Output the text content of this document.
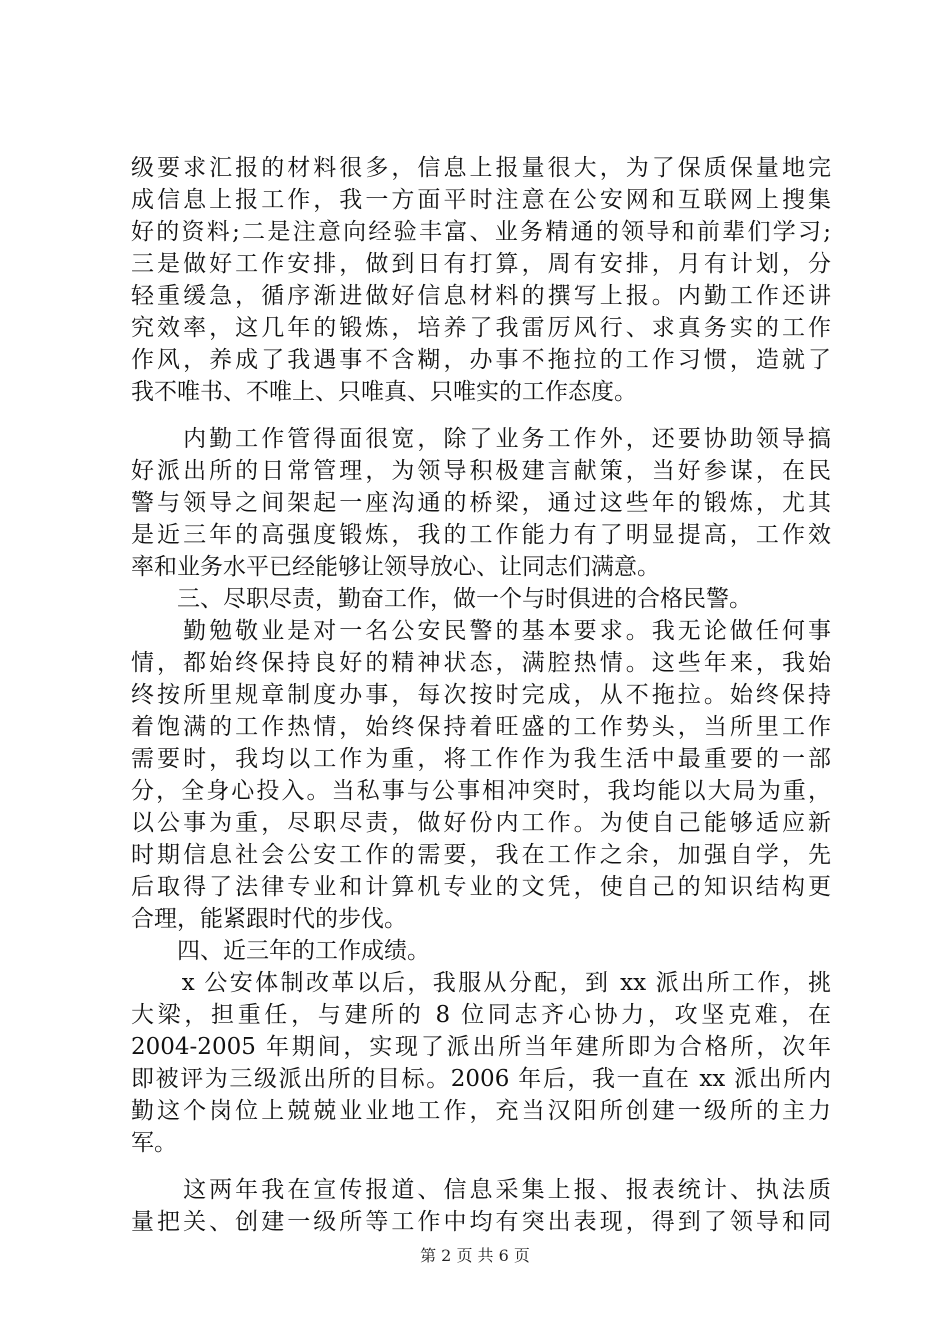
级要求汇报的材料很多，信息上报量很大，为了保质保量地完
成信息上报工作，我一方面平时注意在公安网和互联网上搜集
好的资料;二是注意向经验丰富、业务精通的领导和前辈们学习;
三是做好工作安排，做到日有打算，周有安排，月有计划，分
轻重缓急，循序渐进做好信息材料的撰写上报。内勤工作还讲
究效率，这几年的锻炼，培养了我雷厉风行、求真务实的工作
作风，养成了我遇事不含糊，办事不拖拉的工作习惯，造就了
我不唯书、不唯上、只唯真、只唯实的工作态度。
　　内勤工作管得面很宽，除了业务工作外，还要协助领导搞
好派出所的日常管理，为领导积极建言献策，当好参谋，在民
警与领导之间架起一座沟通的桥梁，通过这些年的锻炼，尤其
是近三年的高强度锻炼，我的工作能力有了明显提高，工作效
率和业务水平已经能够让领导放心、让同志们满意。
　　三、尽职尽责，勤奋工作，做一个与时俱进的合格民警。
　　勤勉敬业是对一名公安民警的基本要求。我无论做任何事
情，都始终保持良好的精神状态，满腔热情。这些年来，我始
终按所里规章制度办事，每次按时完成，从不拖拉。始终保持
着饱满的工作热情，始终保持着旺盛的工作势头，当所里工作
需要时，我均以工作为重，将工作作为我生活中最重要的一部
分，全身心投入。当私事与公事相冲突时，我均能以大局为重，
以公事为重，尽职尽责，做好份内工作。为使自己能够适应新
时期信息社会公安工作的需要，我在工作之余，加强自学，先
后取得了法律专业和计算机专业的文凭，使自己的知识结构更
合理，能紧跟时代的步伐。
　　四、近三年的工作成绩。
　　x 公安体制改革以后，我服从分配，到 xx 派出所工作，挑
大梁，担重任，与建所的 8 位同志齐心协力，攻坚克难，在
2004-2005 年期间，实现了派出所当年建所即为合格所，次年
即被评为三级派出所的目标。2006 年后，我一直在 xx 派出所内
勤这个岗位上兢兢业业地工作，充当汉阳所创建一级所的主力
军。
　　这两年我在宣传报道、信息采集上报、报表统计、执法质
量把关、创建一级所等工作中均有突出表现，得到了领导和同
第 2 页 共 6 页
